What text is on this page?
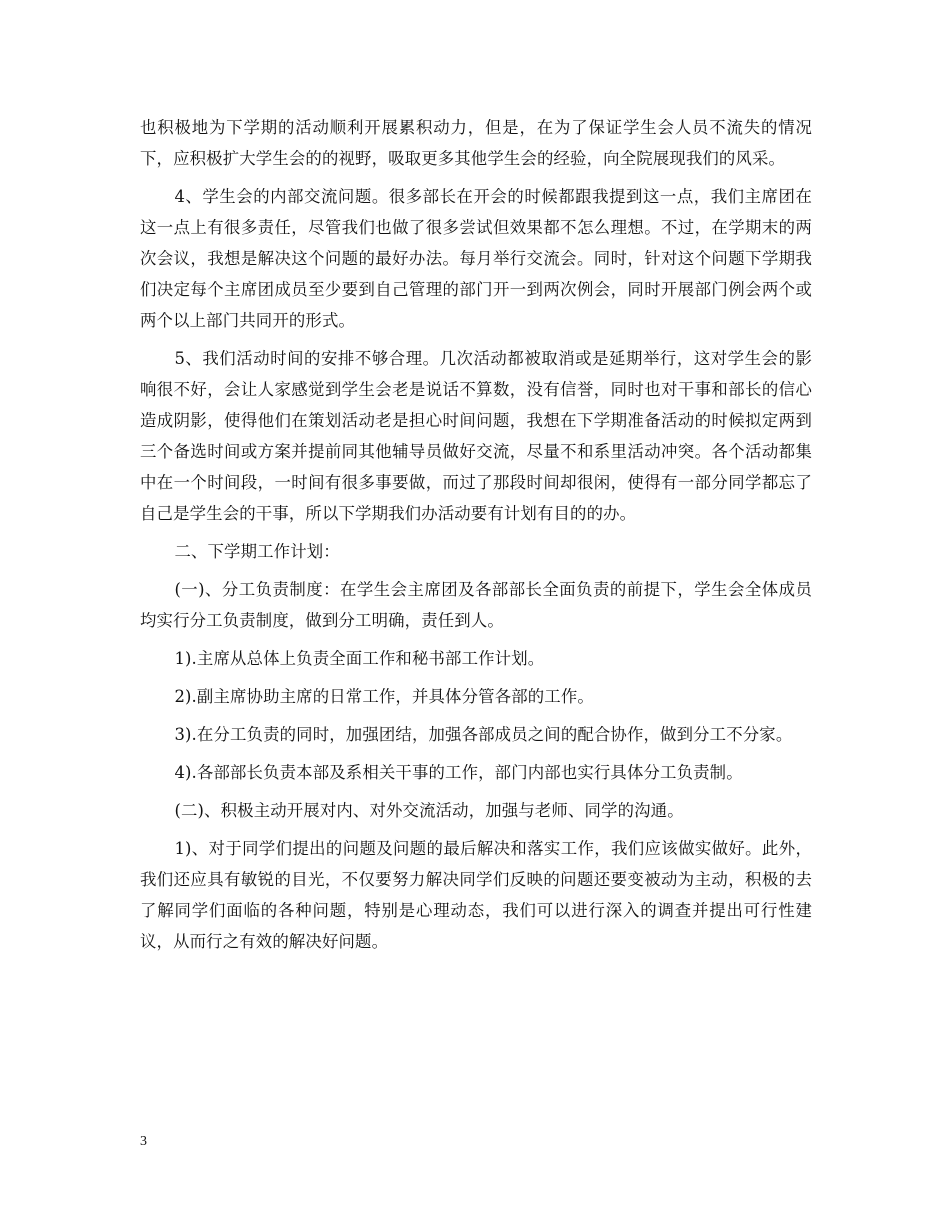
也积极地为下学期的活动顺利开展累积动力，但是，在为了保证学生会人员不流失的情况下，应积极扩大学生会的的视野，吸取更多其他学生会的经验，向全院展现我们的风采。

4、学生会的内部交流问题。很多部长在开会的时候都跟我提到这一点，我们主席团在这一点上有很多责任，尽管我们也做了很多尝试但效果都不怎么理想。不过，在学期末的两次会议，我想是解决这个问题的最好办法。每月举行交流会。同时，针对这个问题下学期我们决定每个主席团成员至少要到自己管理的部门开一到两次例会，同时开展部门例会两个或两个以上部门共同开的形式。

5、我们活动时间的安排不够合理。几次活动都被取消或是延期举行，这对学生会的影响很不好，会让人家感觉到学生会老是说话不算数，没有信誉，同时也对干事和部长的信心造成阴影，使得他们在策划活动老是担心时间问题，我想在下学期准备活动的时候拟定两到三个备选时间或方案并提前同其他辅导员做好交流，尽量不和系里活动冲突。各个活动都集中在一个时间段，一时间有很多事要做，而过了那段时间却很闲，使得有一部分同学都忘了自己是学生会的干事，所以下学期我们办活动要有计划有目的的办。

二、下学期工作计划：

(一)、分工负责制度：在学生会主席团及各部部长全面负责的前提下，学生会全体成员均实行分工负责制度，做到分工明确，责任到人。

1).主席从总体上负责全面工作和秘书部工作计划。

2).副主席协助主席的日常工作，并具体分管各部的工作。

3).在分工负责的同时，加强团结，加强各部成员之间的配合协作，做到分工不分家。

4).各部部长负责本部及系相关干事的工作，部门内部也实行具体分工负责制。

(二)、积极主动开展对内、对外交流活动，加强与老师、同学的沟通。

1)、对于同学们提出的问题及问题的最后解决和落实工作，我们应该做实做好。此外，我们还应具有敏锐的目光，不仅要努力解决同学们反映的问题还要变被动为主动，积极的去了解同学们面临的各种问题，特别是心理动态，我们可以进行深入的调查并提出可行性建议，从而行之有效的解决好问题。

3
